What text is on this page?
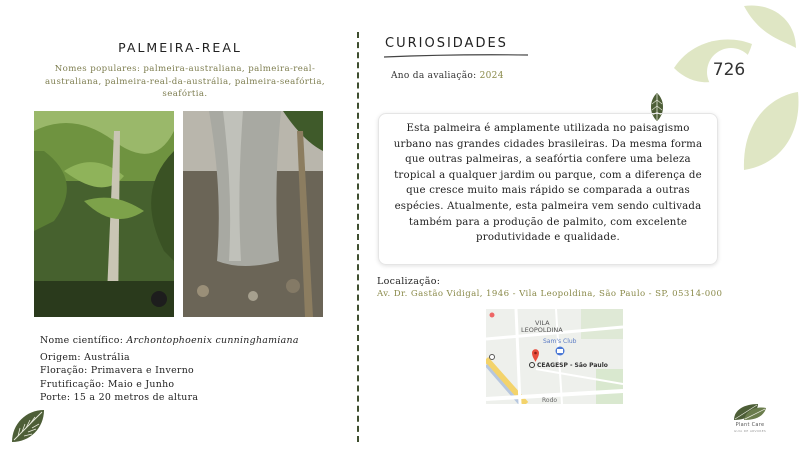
726
PALMEIRA-REAL
Nomes populares: palmeira-australiana, palmeira-real-australiana, palmeira-real-da-austrália, palmeira-seafórtia, seafórtia.
Nome científico: Archontophoenix cunninghamiana
Origem: Austrália
Floração: Primavera e Inverno
Frutificação: Maio e Junho
Porte: 15 a 20 metros de altura
CURIOSIDADES
Ano da avaliação: 2024
Esta palmeira é amplamente utilizada no paisagismo urbano nas grandes cidades brasileiras. Da mesma forma que outras palmeiras, a seafórtia confere uma beleza tropical a qualquer jardim ou parque, com a diferença de que cresce muito mais rápido se comparada a outras espécies. Atualmente, esta palmeira vem sendo cultivada também para a produção de palmito, com excelente produtividade e qualidade.
Localização:
Av. Dr. Gastão Vidigal, 1946 - Vila Leopoldina, São Paulo - SP, 05314-000
VILA
LEOPOLDINA
Sam's Club
CEAGESP - São Paulo
Rodo
Plant Care
GUIA DE ARVORES
